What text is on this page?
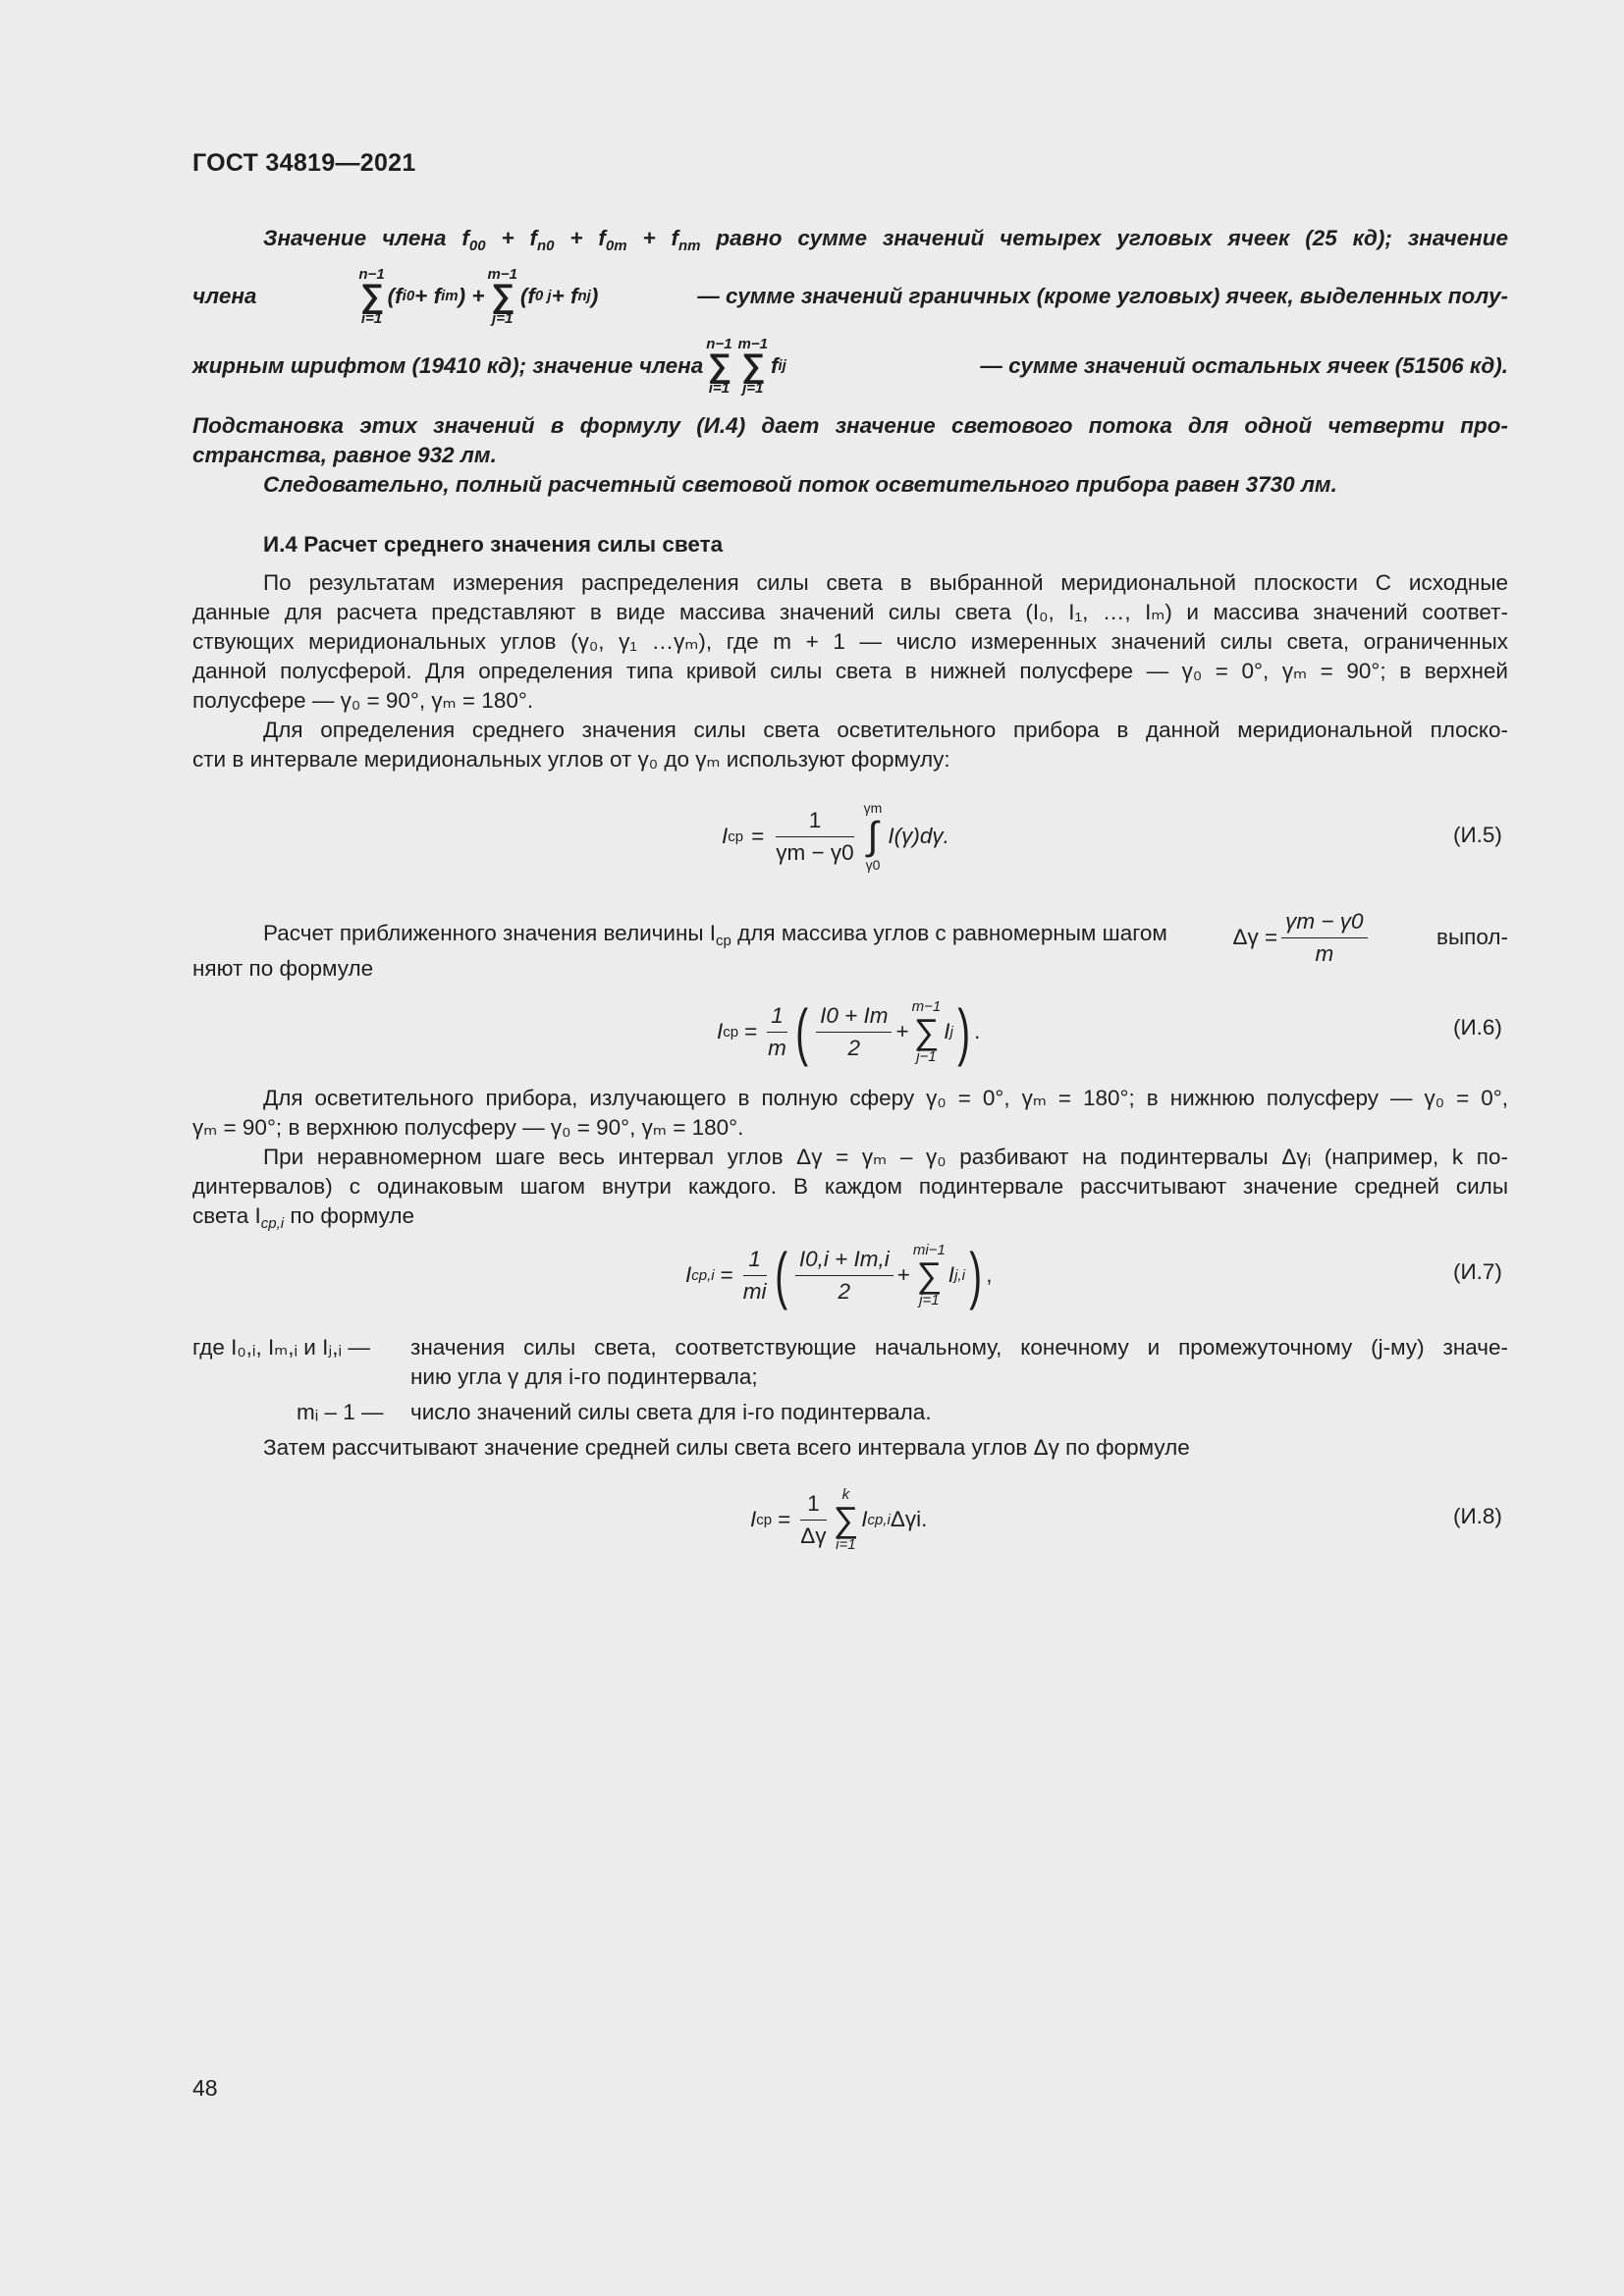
ГОСТ 34819—2021
Значение члена $f_{00} + f_{n0} + f_{0m} + f_{nm}$ равно сумме значений четырех угловых ячеек (25 кд); значение
члена
n−1
∑
i=1
(f i0 + f im ) +
m−1
∑
j=1
(f 0 j + f nj )	— сумме значений граничных (кроме угловых) ячеек, выделенных полу-
жирным шрифтом (19410 кд); значение члена
n−1
∑
i=1
m−1
∑
j=1
f ij	— сумме значений остальных ячеек (51506 кд).
Подстановка этих значений в формулу (И.4) дает значение светового потока для одной четверти про-
странства, равное 932 лм.
Следовательно, полный расчетный световой поток осветительного прибора равен 3730 лм.
И.4 Расчет среднего значения силы света
По результатам измерения распределения силы света в выбранной меридиональной плоскости C исходные
данные для расчета представляют в виде массива значений силы света (I₀, I₁, …, Iₘ) и массива значений соответ-
ствующих меридиональных углов (γ₀, γ₁ …γₘ), где m + 1 — число измеренных значений силы света, ограниченных
данной полусферой. Для определения типа кривой силы света в нижней полусфере — γ₀ = 0°, γₘ = 90°; в верхней
полусфере — γ₀ = 90°, γₘ = 180°.
Для определения среднего значения силы света осветительного прибора в данной меридиональной плоско-
сти в интервале меридиональных углов от γ₀ до γₘ используют формулу:
I ср = $\frac{1}{\gamma m - \gamma 0}$ γm
∫
γ0
I(γ)dγ.	(И.5)
Расчет приближенного значения величины $I_{ср}$ для массива углов с равномерным шагом	$\Delta\gamma = \frac{\gamma m - \gamma 0}{m}$	выпол-
няют по формуле
I ср = $\frac{1}{m}$ ( $\frac{I0 + Im}{2}$ +
m−1
∑
j−1
I j ) .	(И.6)
Для осветительного прибора, излучающего в полную сферу γ₀ = 0°, γₘ = 180°; в нижнюю полусферу — γ₀ = 0°,
γₘ = 90°; в верхнюю полусферу — γ₀ = 90°, γₘ = 180°.
При неравномерном шаге весь интервал углов Δγ = γₘ – γ₀ разбивают на подинтервалы Δγᵢ (например, k по-
динтервалов) с одинаковым шагом внутри каждого. В каждом подинтервале рассчитывают значение средней силы
света $I_{ср,i}$ по формуле
I $ср,i = \frac{1}{mi}$ ( $\frac{I0,i + Im,i}{2}$ +
mi−1
∑
j=1
I j,i ) ,	(И.7)
где I₀,ᵢ, Iₘ,ᵢ и Iⱼ,ᵢ — значения силы света, соответствующие начальному, конечному и промежуточному (j-му) значе-
нию угла γ для i-го подинтервала;
mᵢ – 1 — число значений силы света для i-го подинтервала.
Затем рассчитывают значение средней силы света всего интервала углов Δγ по формуле
I ср = $\frac{1}{\Delta\gamma}$ k
∑
i=1
I ср,i Δγi.	(И.8)
48
